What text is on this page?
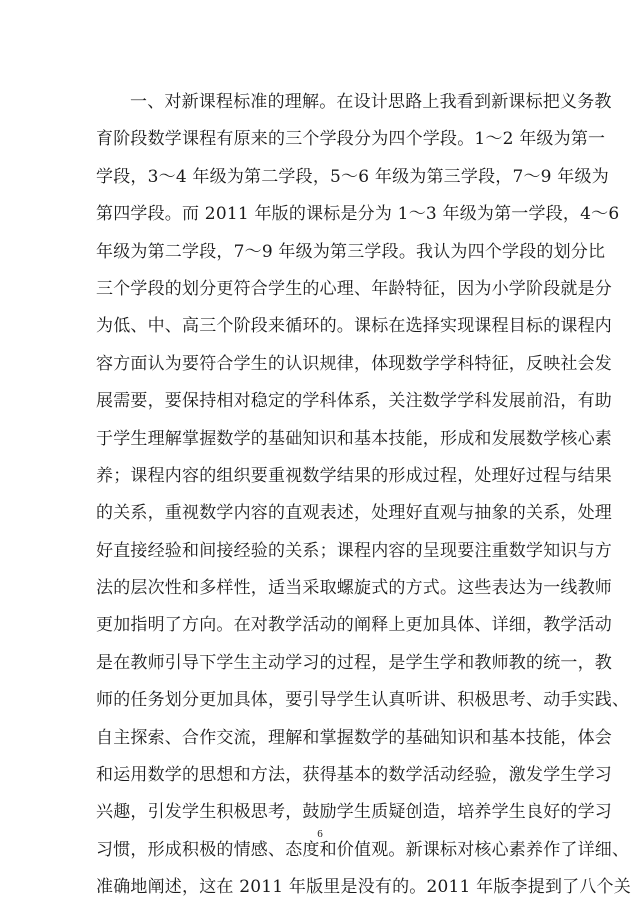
一、对新课程标准的理解。在设计思路上我看到新课标把义务教
育阶段数学课程有原来的三个学段分为四个学段。1～2 年级为第一
学段，3～4 年级为第二学段，5～6 年级为第三学段，7～9 年级为
第四学段。而 2011 年版的课标是分为 1～3 年级为第一学段，4～6
年级为第二学段，7～9 年级为第三学段。我认为四个学段的划分比
三个学段的划分更符合学生的心理、年龄特征，因为小学阶段就是分
为低、中、高三个阶段来循环的。课标在选择实现课程目标的课程内
容方面认为要符合学生的认识规律，体现数学学科特征，反映社会发
展需要，要保持相对稳定的学科体系，关注数学学科发展前沿，有助
于学生理解掌握数学的基础知识和基本技能，形成和发展数学核心素
养；课程内容的组织要重视数学结果的形成过程，处理好过程与结果
的关系，重视数学内容的直观表述，处理好直观与抽象的关系，处理
好直接经验和间接经验的关系；课程内容的呈现要注重数学知识与方
法的层次性和多样性，适当采取螺旋式的方式。这些表达为一线教师
更加指明了方向。在对教学活动的阐释上更加具体、详细，教学活动
是在教师引导下学生主动学习的过程，是学生学和教师教的统一，教
师的任务划分更加具体，要引导学生认真听讲、积极思考、动手实践、
自主探索、合作交流，理解和掌握数学的基础知识和基本技能，体会
和运用数学的思想和方法，获得基本的数学活动经验，激发学生学习
兴趣，引发学生积极思考，鼓励学生质疑创造，培养学生良好的学习
习惯，形成积极的情感、态度和价值观。新课标对核心素养作了详细、
准确地阐述，这在 2011 年版里是没有的。2011 年版李提到了八个关
6
